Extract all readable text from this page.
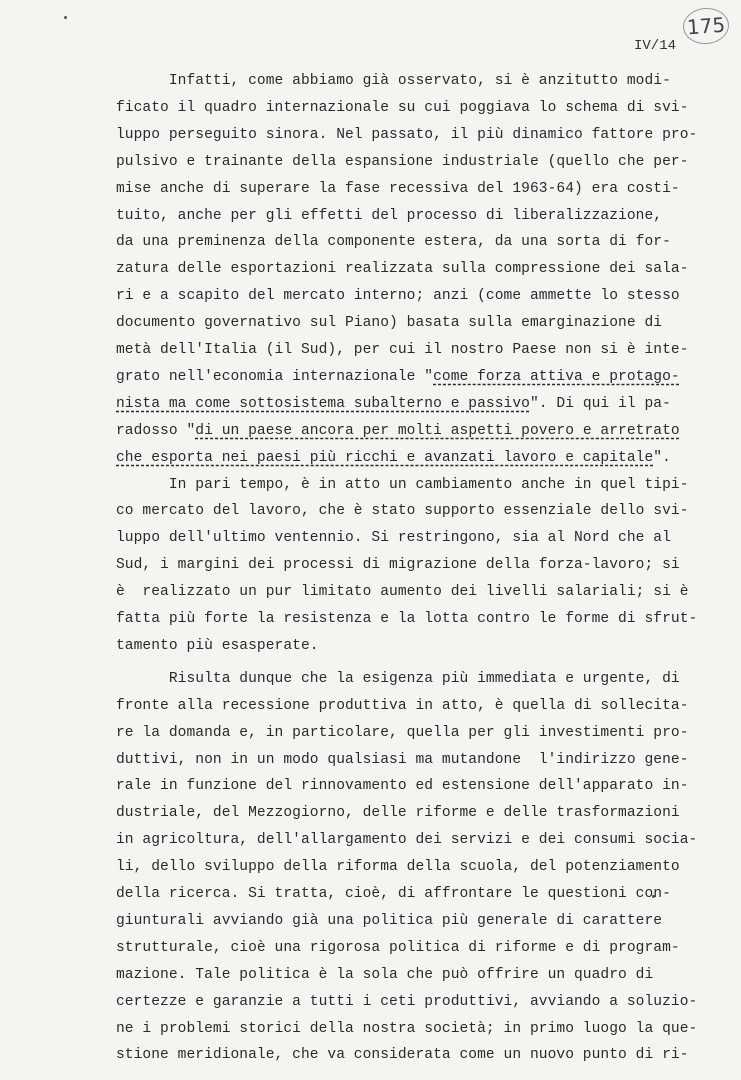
175
IV/14
Infatti, come abbiamo già osservato, si è anzitutto modi-
ficato il quadro internazionale su cui poggiava lo schema di svi-
luppo perseguito sinora. Nel passato, il più dinamico fattore pro-
pulsivo e trainante della espansione industriale (quello che per-
mise anche di superare la fase recessiva del 1963-64) era costi-
tuito, anche per gli effetti del processo di liberalizzazione,
da una preminenza della componente estera, da una sorta di for-
zatura delle esportazioni realizzata sulla compressione dei sala-
ri e a scapito del mercato interno; anzi (come ammette lo stesso
documento governativo sul Piano) basata sulla emarginazione di
metà dell'Italia (il Sud), per cui il nostro Paese non si è inte-
grato nell'economia internazionale "come forza attiva e protago-
nista ma come sottosistema subalterno e passivo". Di qui il pa-
radosso "di un paese ancora per molti aspetti povero e arretrato
che esporta nei paesi più ricchi e avanzati lavoro e capitale".
In pari tempo, è in atto un cambiamento anche in quel tipi-
co mercato del lavoro, che è stato supporto essenziale dello svi-
luppo dell'ultimo ventennio. Si restringono, sia al Nord che al
Sud, i margini dei processi di migrazione della forza-lavoro; si
è  realizzato un pur limitato aumento dei livelli salariali; si è
fatta più forte la resistenza e la lotta contro le forme di sfrut-
tamento più esasperate.
Risulta dunque che la esigenza più immediata e urgente, di
fronte alla recessione produttiva in atto, è quella di sollecita-
re la domanda e, in particolare, quella per gli investimenti pro-
duttivi, non in un modo qualsiasi ma mutandone  l'indirizzo gene-
rale in funzione del rinnovamento ed estensione dell'apparato in-
dustriale, del Mezzogiorno, delle riforme e delle trasformazioni
in agricoltura, dell'allargamento dei servizi e dei consumi socia-
li, dello sviluppo della riforma della scuola, del potenziamento
della ricerca. Si tratta, cioè, di affrontare le questioni con-
giunturali avviando già una politica più generale di carattere
strutturale, cioè una rigorosa politica di riforme e di program-
mazione. Tale politica è la sola che può offrire un quadro di
certezze e garanzie a tutti i ceti produttivi, avviando a soluzio-
ne i problemi storici della nostra società; in primo luogo la que-
stione meridionale, che va considerata come un nuovo punto di ri-
